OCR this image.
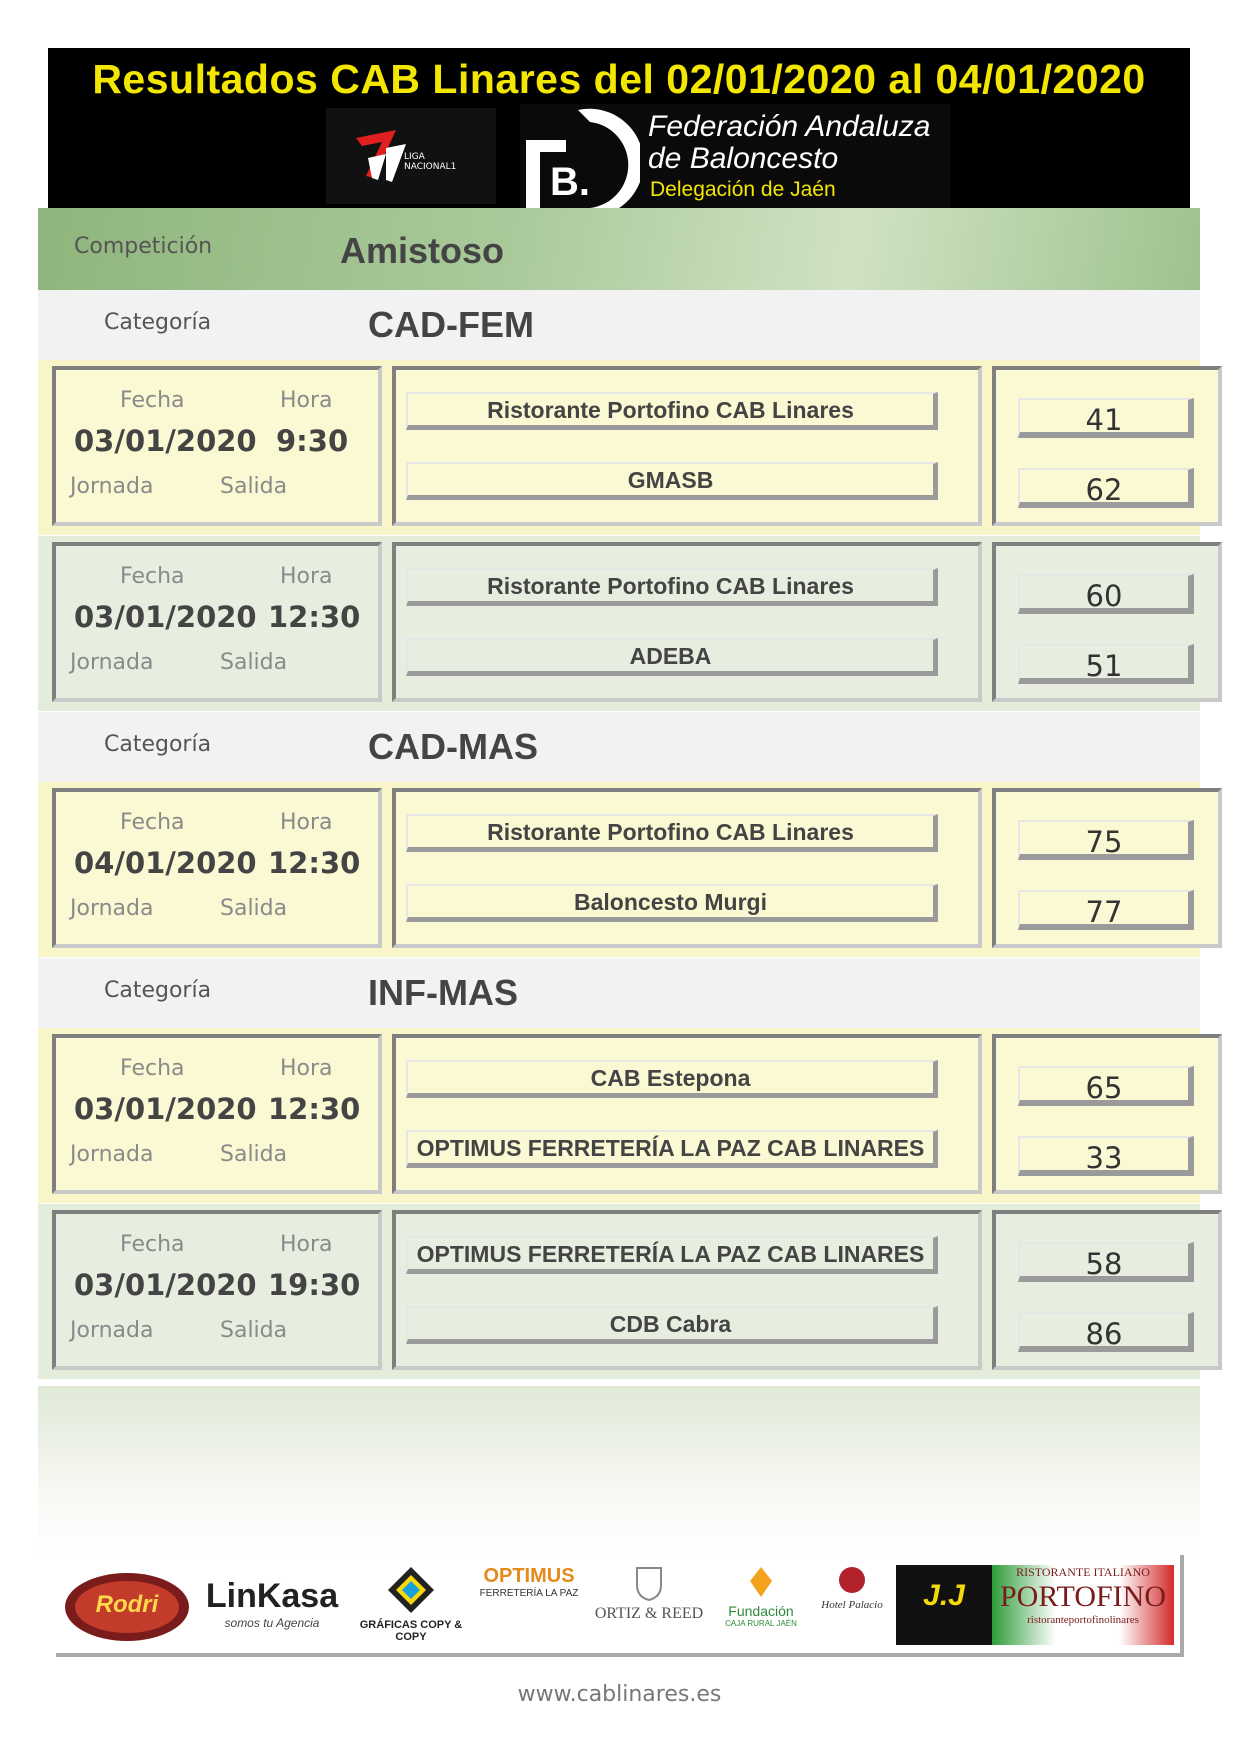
Resultados CAB Linares del 02/01/2020 al 04/01/2020
LIGA NACIONAL1 B.
Federación Andaluza
de Baloncesto
Delegación de Jaén
Competición	Amistoso
Categoría	CAD-FEM
Fecha	Hora
03/01/2020 9:30
Jornada	Salida
Ristorante Portofino CAB Linares
GMASB
41
62
Fecha	Hora
03/01/2020 12:30
Jornada	Salida
Ristorante Portofino CAB Linares
ADEBA
60
51
Categoría	CAD-MAS
Fecha	Hora
04/01/2020 12:30
Jornada	Salida
Ristorante Portofino CAB Linares
Baloncesto Murgi
75
77
Categoría	INF-MAS
Fecha	Hora
03/01/2020 12:30
Jornada	Salida
CAB Estepona
OPTIMUS FERRETERÍA LA PAZ CAB LINARES
65
33
Fecha	Hora
03/01/2020 19:30
Jornada	Salida
OPTIMUS FERRETERÍA LA PAZ CAB LINARES
CDB Cabra
58
86
Rodri	LinKasa
somos tu Agencia	GRÁFICAS COPY & COPY
OPTIMUS
FERRETERÍA LA PAZ
ORTIZ & REED	Fundación
CAJA RURAL JAÉN
Hotel Palacio	J.J
RISTORANTE ITALIANO
PORTOFINO
ristoranteportofinolinares
www.cablinares.es
